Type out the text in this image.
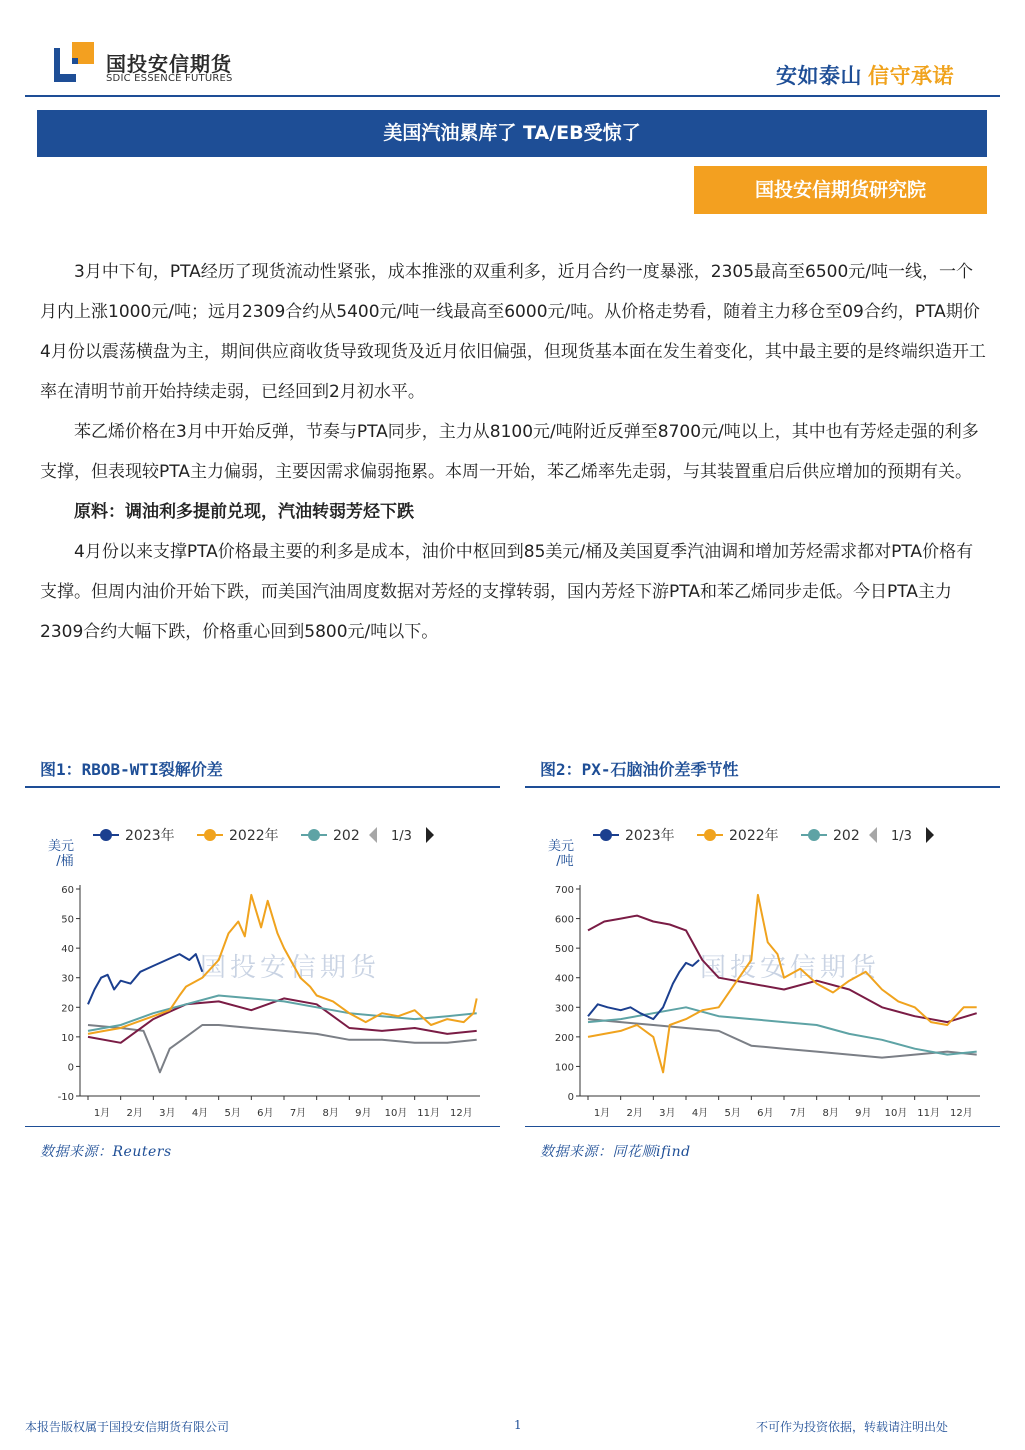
国投安信期货
SDIC ESSENCE FUTURES	安如泰山 信守承诺
美国汽油累库了 TA/EB受惊了
国投安信期货研究院

3月中下旬，PTA经历了现货流动性紧张，成本推涨的双重利多，近月合约一度暴涨，2305最高至6500元/吨一线，一个月内上涨1000元/吨；远月2309合约从5400元/吨一线最高至6000元/吨。从价格走势看，随着主力移仓至09合约，PTA期价4月份以震荡横盘为主，期间供应商收货导致现货及近月依旧偏强，但现货基本面在发生着变化，其中最主要的是终端织造开工率在清明节前开始持续走弱，已经回到2月初水平。

苯乙烯价格在3月中开始反弹，节奏与PTA同步，主力从8100元/吨附近反弹至8700元/吨以上，其中也有芳烃走强的利多支撑，但表现较PTA主力偏弱，主要因需求偏弱拖累。本周一开始，苯乙烯率先走弱，与其装置重启后供应增加的预期有关。

原料：调油利多提前兑现，汽油转弱芳烃下跌

4月份以来支撑PTA价格最主要的利多是成本，油价中枢回到85美元/桶及美国夏季汽油调和增加芳烃需求都对PTA价格有支撑。但周内油价开始下跌，而美国汽油周度数据对芳烃的支撑转弱，国内芳烃下游PTA和苯乙烯同步走低。今日PTA主力2309合约大幅下跌，价格重心回到5800元/吨以下。

图1：RBOB-WTI裂解价差
美元
/桶
国投安信期货
-10
0
10
20
30
40
50
60
1月 2月 3月 4月 5月 6月 7月 8月 9月 10月 11月 12月
2023年	2022年	202 1/3
数据来源：Reuters
图2：PX-石脑油价差季节性
美元
/吨
国投安信期货
0
100
200
300
400
500
600
700
1月 2月 3月 4月 5月 6月 7月 8月 9月 10月 11月 12月
2023年	2022年	202 1/3
数据来源：同花顺ifind
本报告版权属于国投安信期货有限公司	1	不可作为投资依据，转载请注明出处
